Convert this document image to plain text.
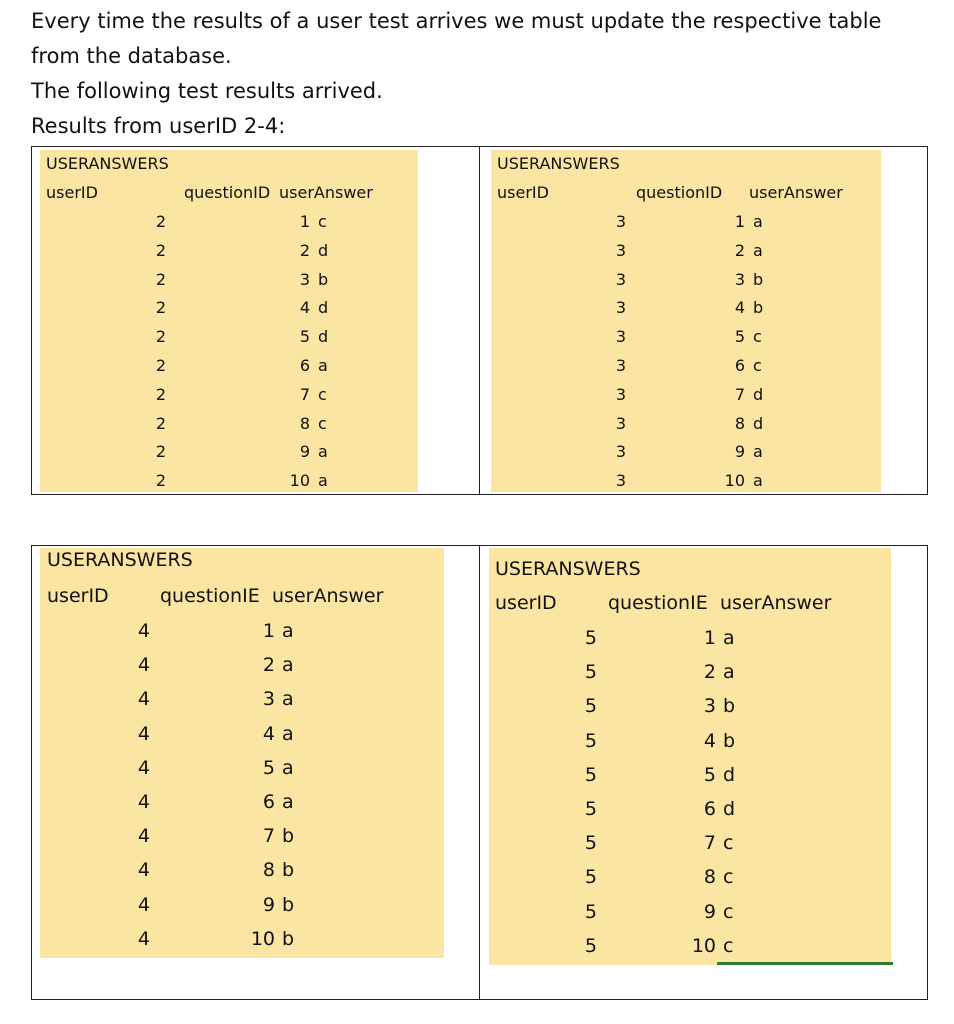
Every time the results of a user test arrives we must update the respective table

from the database.

The following test results arrived.

Results from userID 2-4:

USERANSWERS
userID	questionID userAnswer
2	1 c
2	2 d
2	3 b
2	4 d
2	5 d
2	6 a
2	7 c
2	8 c
2	9 a
2	10 a
USERANSWERS
userID	questionID userAnswer
3	1 a
3	2 a
3	3 b
3	4 b
3	5 c
3	6 c
3	7 d
3	8 d
3	9 a
3	10 a
USERANSWERS
userID	questionIE userAnswer
4	1 a
4	2 a
4	3 a
4	4 a
4	5 a
4	6 a
4	7 b
4	8 b
4	9 b
4	10 b
USERANSWERS
userID	questionIE userAnswer
5	1 a
5	2 a
5	3 b
5	4 b
5	5 d
5	6 d
5	7 c
5	8 c
5	9 c
5	10 c
